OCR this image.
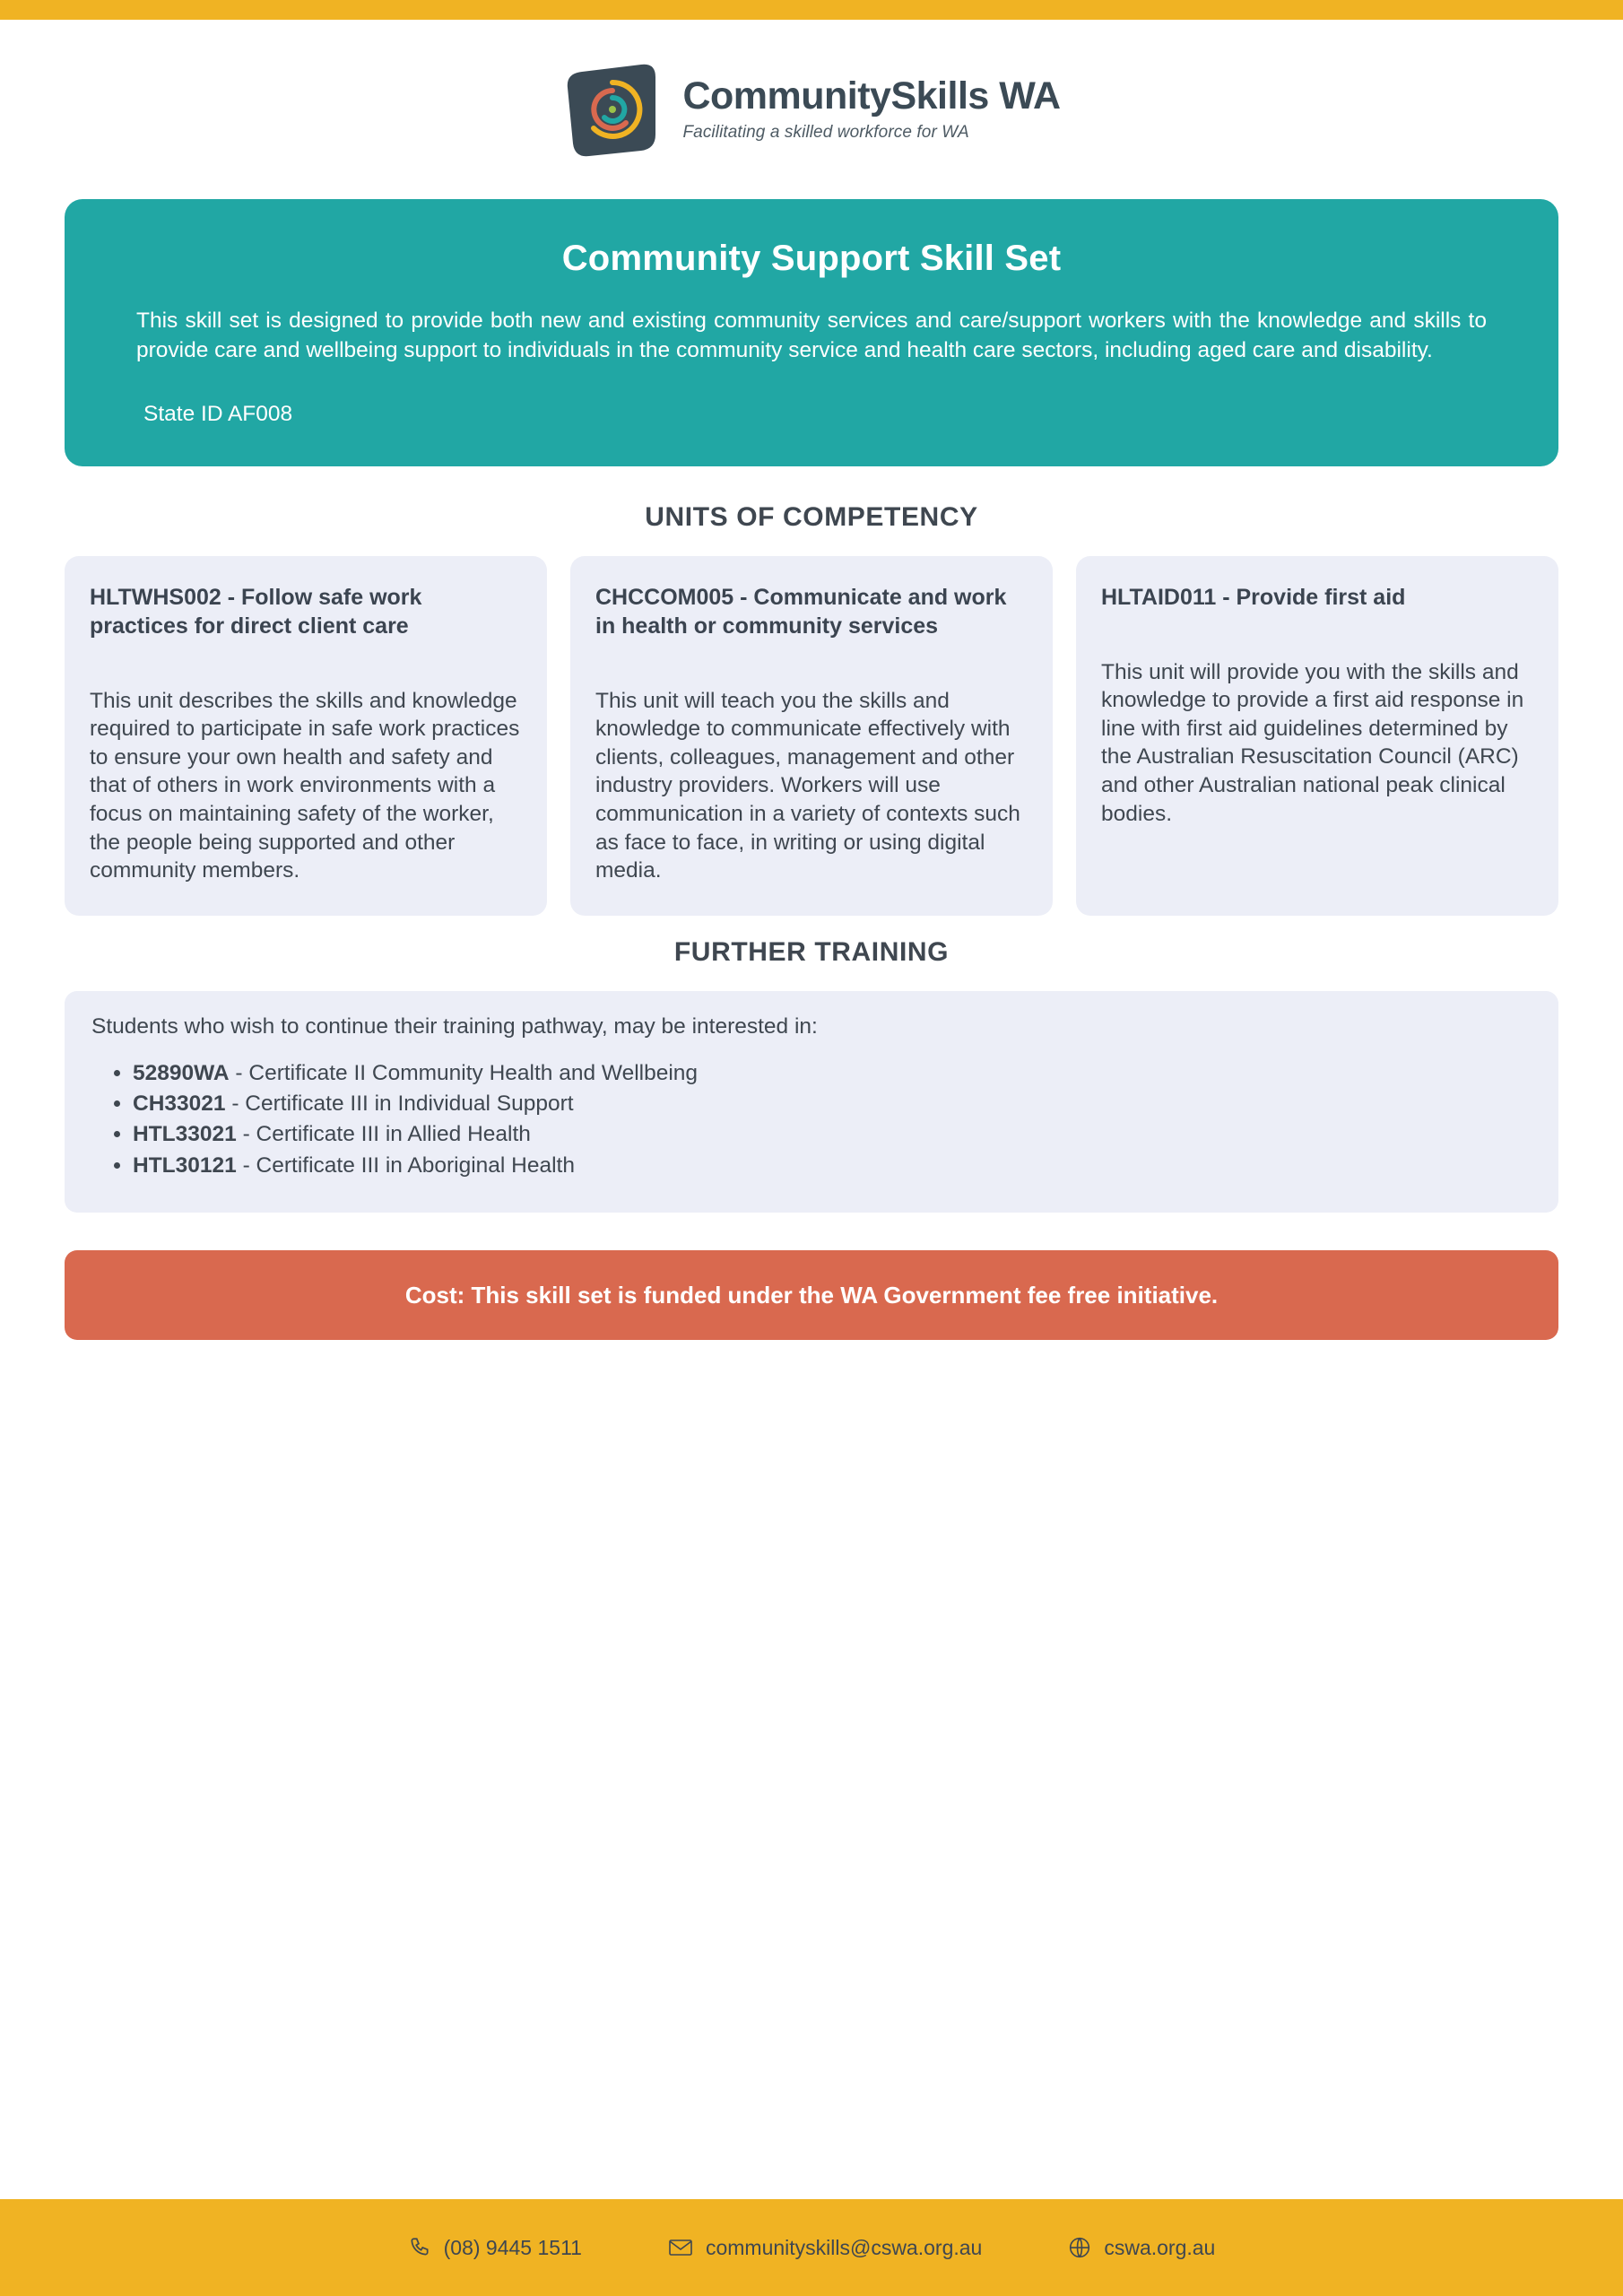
CommunitySkills WA
Facilitating a skilled workforce for WA
Community Support Skill Set
This skill set is designed to provide both new and existing community services and care/support workers with the knowledge and skills to provide care and wellbeing support to individuals in the community service and health care sectors, including aged care and disability.
State ID AF008
UNITS OF COMPETENCY
HLTWHS002 - Follow safe work practices for direct client care
This unit describes the skills and knowledge required to participate in safe work practices to ensure your own health and safety and that of others in work environments with a focus on maintaining safety of the worker, the people being supported and other community members.
CHCCOM005 - Communicate and work in health or community services
This unit will teach you the skills and knowledge to communicate effectively with clients, colleagues, management and other industry providers. Workers will use communication in a variety of contexts such as face to face, in writing or using digital media.
HLTAID011 - Provide first aid
This unit will provide you with the skills and knowledge to provide a first aid response in line with first aid guidelines determined by the Australian Resuscitation Council (ARC) and other Australian national peak clinical bodies.
FURTHER TRAINING
Students who wish to continue their training pathway, may be interested in:
• 52890WA - Certificate II Community Health and Wellbeing
• CH33021 - Certificate III in Individual Support
• HTL33021 - Certificate III in Allied Health
• HTL30121 - Certificate III in Aboriginal Health
Cost: This skill set is funded under the WA Government fee free initiative.
(08) 9445 1511	communityskills@cswa.org.au	cswa.org.au
